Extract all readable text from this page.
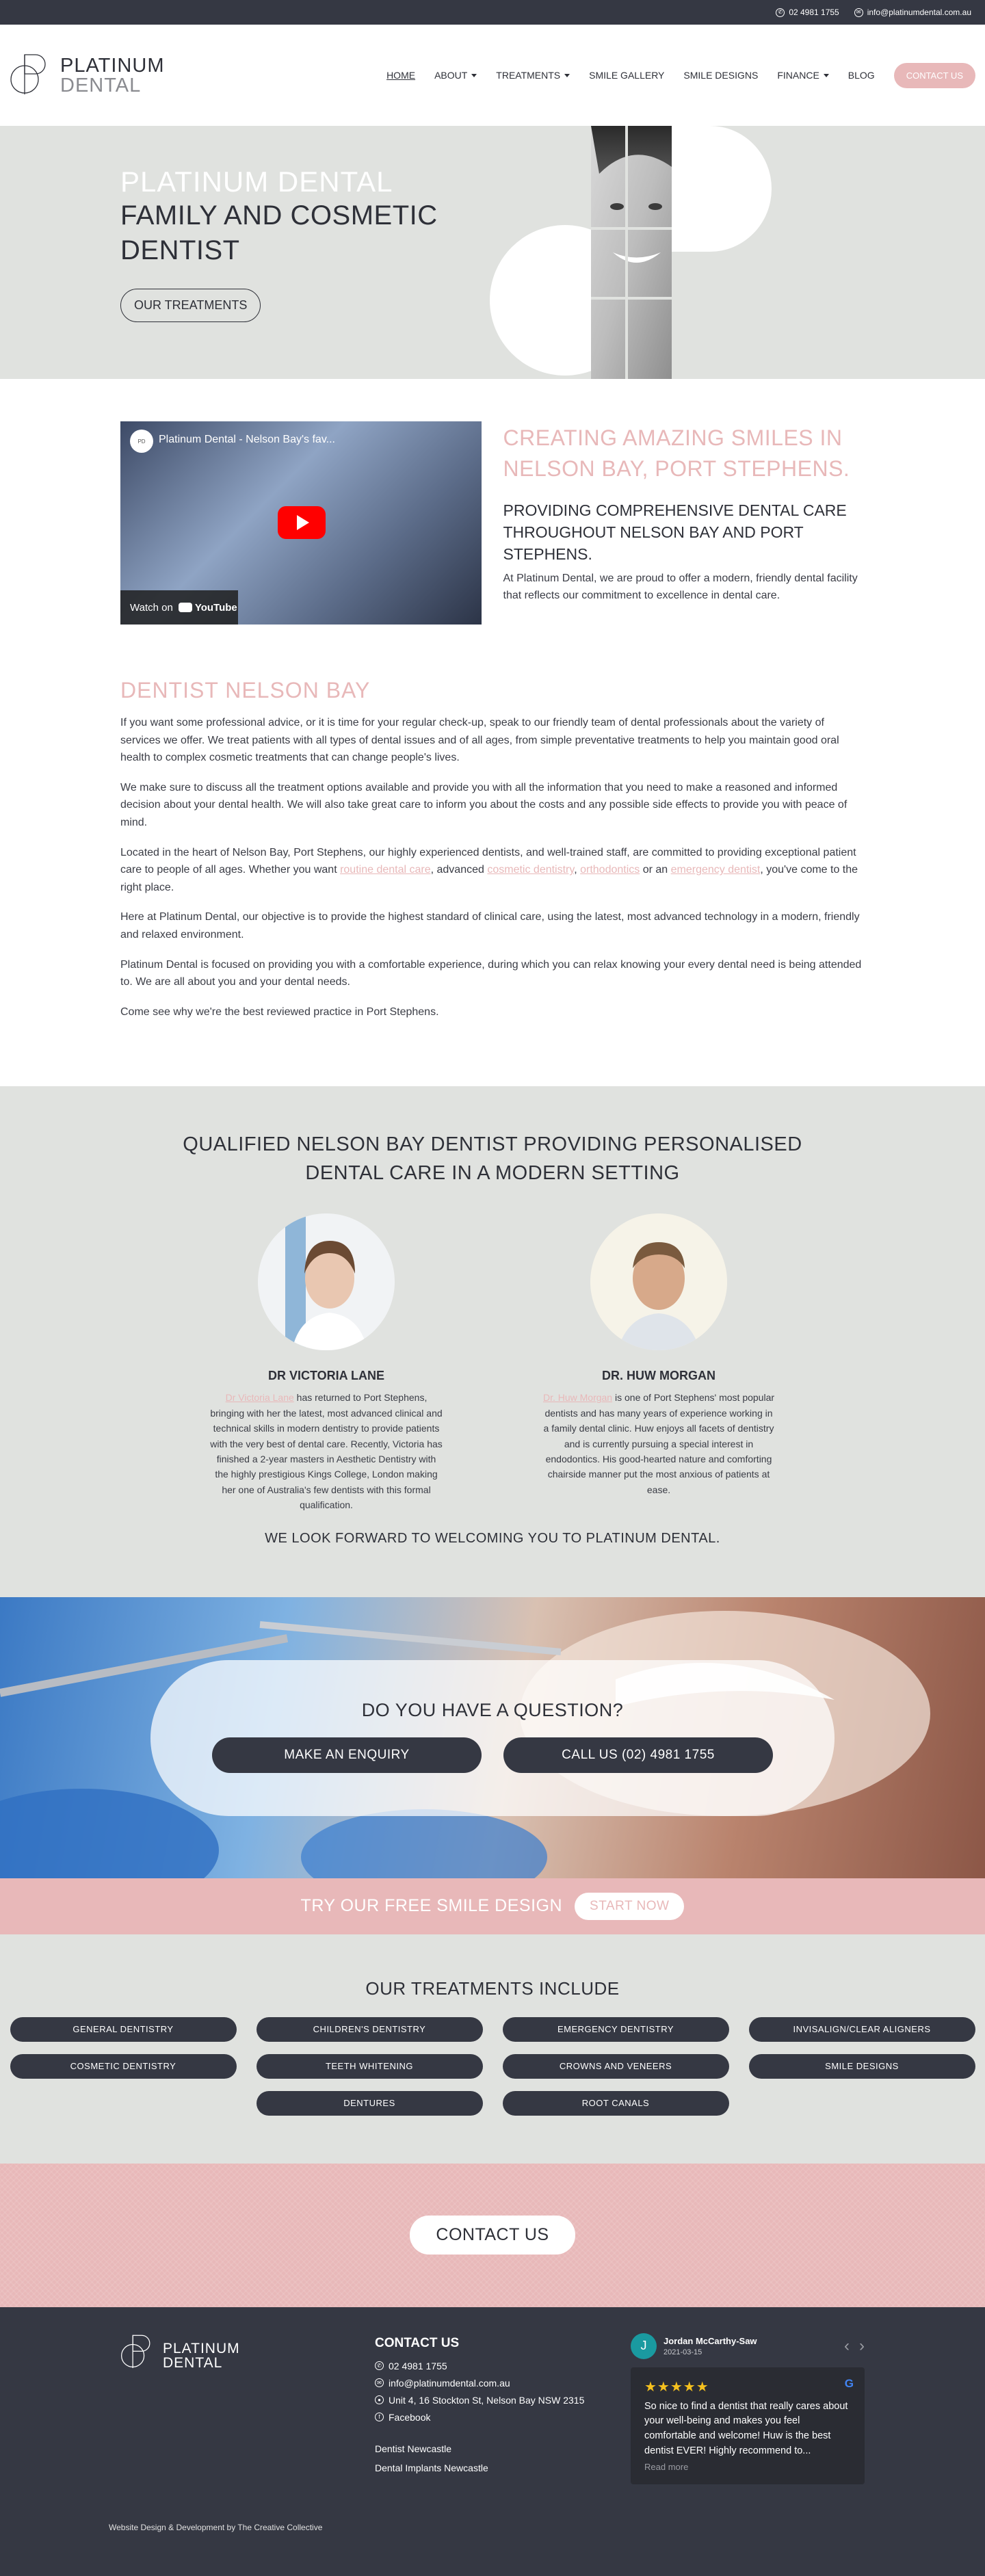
✆ 02 4981 1755	✉ info@platinumdental.com.au
PLATINUM
DENTAL	HOME ABOUT	TREATMENTS	SMILE GALLERY SMILE DESIGNS FINANCE	BLOG	CONTACT US
PLATINUM DENTAL
FAMILY AND COSMETIC DENTIST
OUR TREATMENTS
PD	Platinum Dental - Nelson Bay's fav...
Watch on YouTube
CREATING AMAZING SMILES IN NELSON BAY, PORT STEPHENS.
PROVIDING COMPREHENSIVE DENTAL CARE THROUGHOUT NELSON BAY AND PORT STEPHENS.

At Platinum Dental, we are proud to offer a modern, friendly dental facility that reflects our commitment to excellence in dental care.

DENTIST NELSON BAY

If you want some professional advice, or it is time for your regular check-up, speak to our friendly team of dental professionals about the variety of services we offer. We treat patients with all types of dental issues and of all ages, from simple preventative treatments to help you maintain good oral health to complex cosmetic treatments that can change people's lives.

We make sure to discuss all the treatment options available and provide you with all the information that you need to make a reasoned and informed decision about your dental health. We will also take great care to inform you about the costs and any possible side effects to provide you with peace of mind.

Located in the heart of Nelson Bay, Port Stephens, our highly experienced dentists, and well-trained staff, are committed to providing exceptional patient care to people of all ages. Whether you want routine dental care, advanced cosmetic dentistry, orthodontics or an emergency dentist, you've come to the right place.

Here at Platinum Dental, our objective is to provide the highest standard of clinical care, using the latest, most advanced technology in a modern, friendly and relaxed environment.

Platinum Dental is focused on providing you with a comfortable experience, during which you can relax knowing your every dental need is being attended to. We are all about you and your dental needs.

Come see why we're the best reviewed practice in Port Stephens.

QUALIFIED NELSON BAY DENTIST PROVIDING PERSONALISED DENTAL CARE IN A MODERN SETTING
DR VICTORIA LANE

Dr Victoria Lane has returned to Port Stephens, bringing with her the latest, most advanced clinical and technical skills in modern dentistry to provide patients with the very best of dental care. Recently, Victoria has finished a 2-year masters in Aesthetic Dentistry with the highly prestigious Kings College, London making her one of Australia's few dentists with this formal qualification.

DR. HUW MORGAN

Dr. Huw Morgan is one of Port Stephens' most popular dentists and has many years of experience working in a family dental clinic. Huw enjoys all facets of dentistry and is currently pursuing a special interest in endodontics. His good-hearted nature and comforting chairside manner put the most anxious of patients at ease.

WE LOOK FORWARD TO WELCOMING YOU TO PLATINUM DENTAL.
DO YOU HAVE A QUESTION?
MAKE AN ENQUIRY	CALL US (02) 4981 1755
TRY OUR FREE SMILE DESIGN	START NOW
OUR TREATMENTS INCLUDE
GENERAL DENTISTRY	CHILDREN'S DENTISTRY	EMERGENCY DENTISTRY	INVISALIGN/CLEAR ALIGNERS
COSMETIC DENTISTRY	TEETH WHITENING	CROWNS AND VENEERS	SMILE DESIGNS
DENTURES	ROOT CANALS
CONTACT US
PLATINUM
DENTAL
CONTACT US
✆ 02 4981 1755
✉ info@platinumdental.com.au
● Unit 4, 16 Stockton St, Nelson Bay NSW 2315
f Facebook
Dentist Newcastle
Dental Implants Newcastle
J	Jordan McCarthy-Saw
2021-03-15	‹ ›
★★★★★	G
So nice to find a dentist that really cares about your well-being and makes you feel comfortable and welcome! Huw is the best dentist EVER! Highly recommend to...
Read more
Website Design & Development by The Creative Collective
